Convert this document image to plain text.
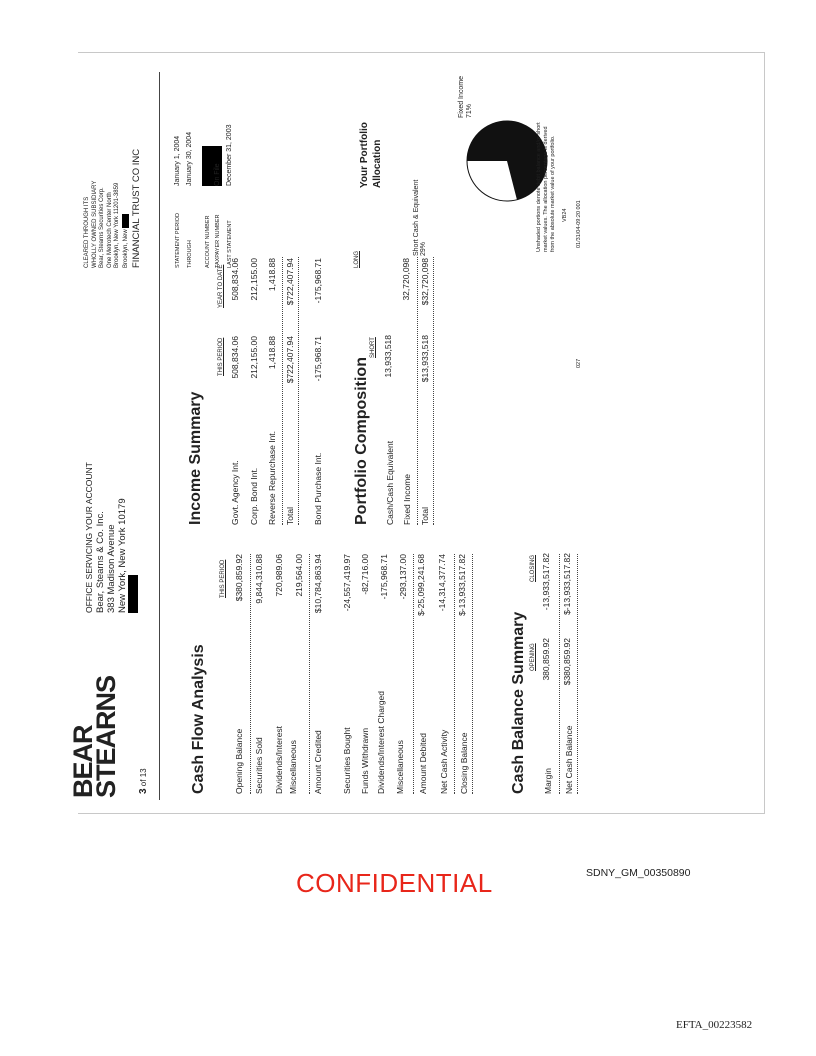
BEAR
STEARNS 3 of 13
OFFICE SERVICING YOUR ACCOUNT Bear, Stearns & Co. Inc. 383 Madison Avenue New York, New York 10179
CLEARED THROUGH ITS WHOLLY OWNED SUBSIDIARY Bear, Stearns Securities Corp. One Metrotech Center North Brooklyn, New York 11201-3859 Brooklyn, New FINANCIAL TRUST CO INC	STATEMENT PERIODJanuary 1, 2004
THROUGHJanuary 30, 2004
ACCOUNT NUMBER TAXPAYER NUMBEROn File
LAST STATEMENTDecember 31, 2003
Cash Flow Analysis
THIS PERIOD
Opening Balance
$380,859.92
Securities Sold
9,844,310.88
Dividends/Interest
720,989.06
Miscellaneous
219,564.00
Amount Credited
$10,784,863.94
Securities Bought
-24,557,419.97
Funds Withdrawn
-82,716.00
Dividends/Interest Charged
-175,968.71
Miscellaneous
-293,137.00
Amount Debited
$-25,099,241.68
Net Cash Activity
-14,314,377.74
Closing Balance
$-13,933,517.82
Cash Balance Summary OPENING
CLOSING
Margin
380,859.92
-13,933,517.82
Net Cash Balance
$380,859.92
$-13,933,517.82
Income Summary
THIS PERIOD
YEAR TO DATE
Govt. Agency Int.
508,834.06
508,834.06
Corp. Bond Int.
212,155.00
212,155.00
Reverse Repurchase Int.
1,418.88
1,418.88
Total
$722,407.94
$722,407.94
Bond Purchase Int.
-175,968.71
-175,968.71
Portfolio Composition
SHORT
LONG
Cash/Cash Equivalent
13,933,518
Fixed Income
32,720,098
Total
$13,933,518
$32,720,098
Your Portfolio Allocation
Short Cash & Equivalent 29%
Fixed Income 71%
Unshaded portions denote debit balance and/or short market values. The allocation percentage is derived from the absolute market value of your portfolio. VB24
027
01/31/04-09:20 001
CONFIDENTIAL	SDNY_GM_00350890
EFTA_00223582
